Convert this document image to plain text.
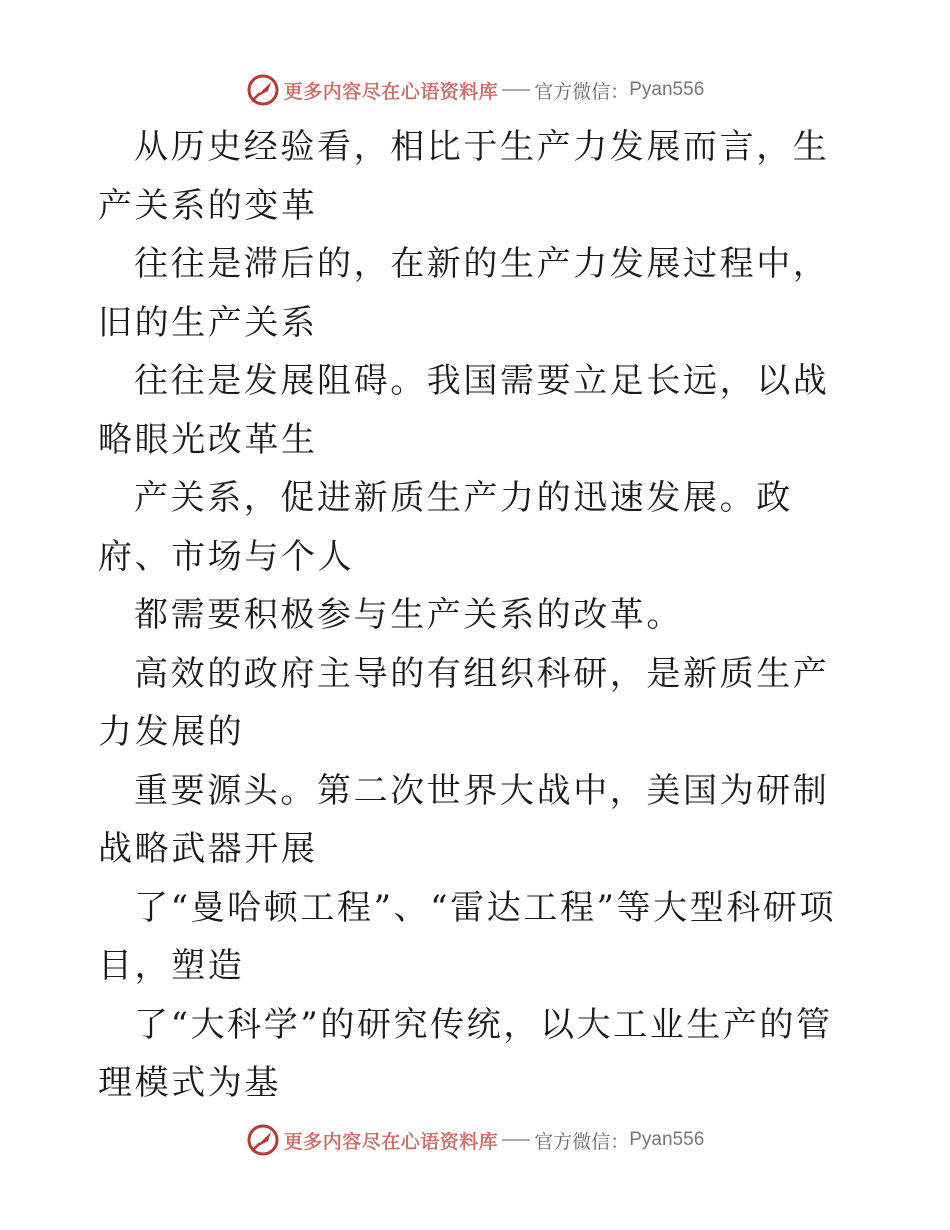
更多内容尽在心语资料库 官方微信： Pyan556

从历史经验看，相比于生产力发展而言，生产关系的变革

往往是滞后的，在新的生产力发展过程中，旧的生产关系

往往是发展阻碍。我国需要立足长远，以战略眼光改革生

产关系，促进新质生产力的迅速发展。政府、市场与个人

都需要积极参与生产关系的改革。

高效的政府主导的有组织科研，是新质生产力发展的

重要源头。第二次世界大战中，美国为研制战略武器开展

了“曼哈顿工程”、“雷达工程”等大型科研项目，塑造

了“大科学”的研究传统，以大工业生产的管理模式为基

更多内容尽在心语资料库 官方微信： Pyan556
